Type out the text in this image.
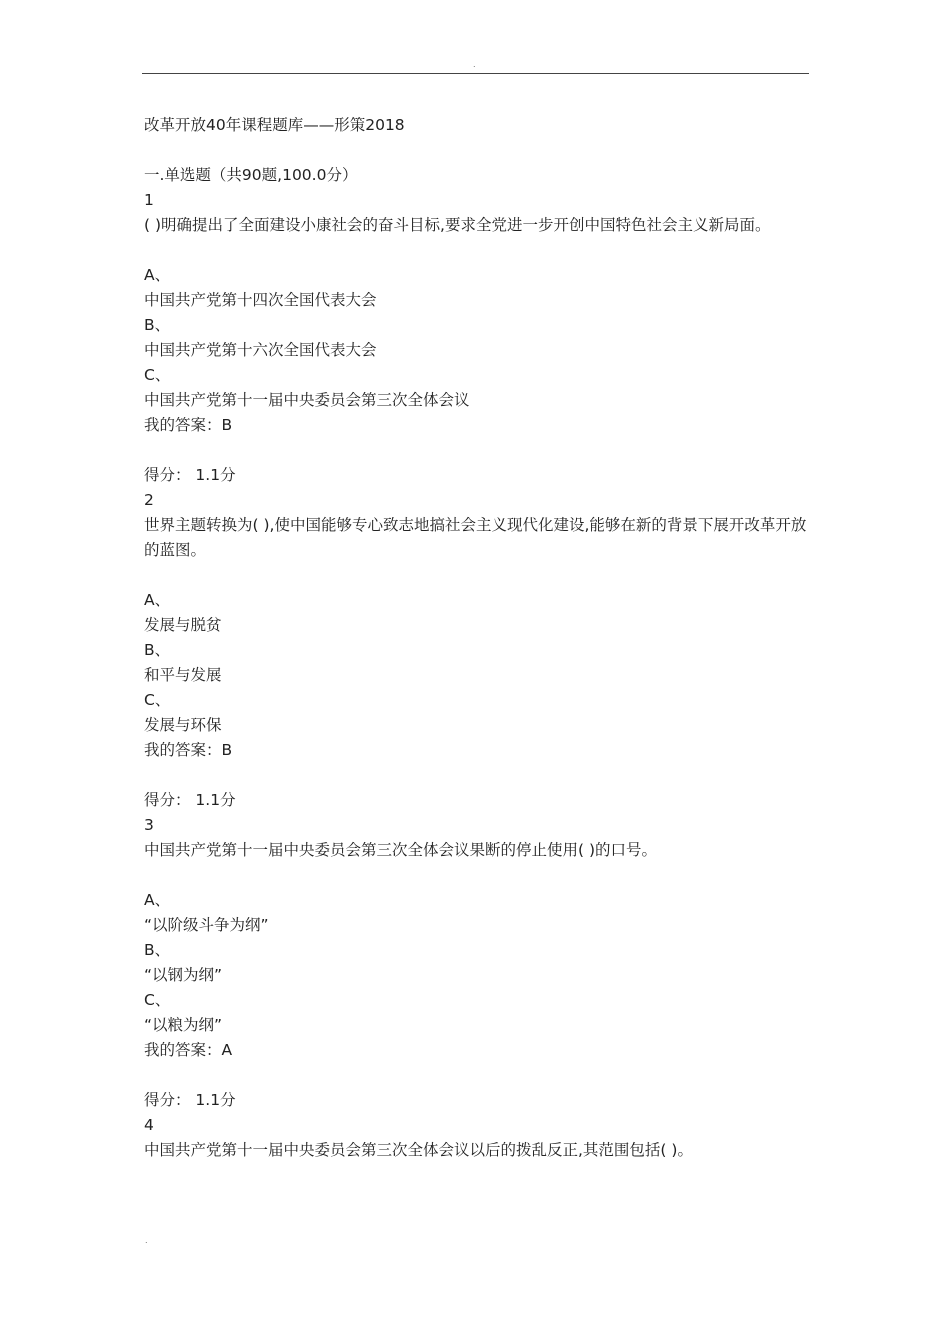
.
改革开放40年课程题库——形策2018
一.单选题（共90题,100.0分）
1
( )明确提出了全面建设小康社会的奋斗目标,要求全党进一步开创中国特色社会主义新局面。
A、
中国共产党第十四次全国代表大会
B、
中国共产党第十六次全国代表大会
C、
中国共产党第十一届中央委员会第三次全体会议
我的答案：B
得分： 1.1分
2
世界主题转换为( ),使中国能够专心致志地搞社会主义现代化建设,能够在新的背景下展开改革开放的蓝图。
A、
发展与脱贫
B、
和平与发展
C、
发展与环保
我的答案：B
得分： 1.1分
3
中国共产党第十一届中央委员会第三次全体会议果断的停止使用( )的口号。
A、
“以阶级斗争为纲”
B、
“以钢为纲”
C、
“以粮为纲”
我的答案：A
得分： 1.1分
4
中国共产党第十一届中央委员会第三次全体会议以后的拨乱反正,其范围包括( )。
.
